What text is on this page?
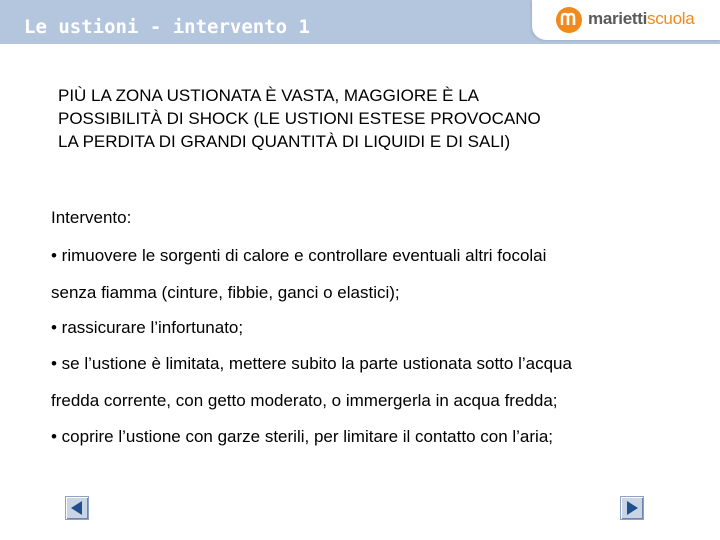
Le ustioni - intervento 1	mariettiscuola
PIÙ LA ZONA USTIONATA È VASTA, MAGGIORE È LA
POSSIBILITÀ DI SHOCK (LE USTIONI ESTESE PROVOCANO
LA PERDITA DI GRANDI QUANTITÀ DI LIQUIDI E DI SALI)
Intervento:
• rimuovere le sorgenti di calore e controllare eventuali altri focolai
senza fiamma (cinture, fibbie, ganci o elastici);
• rassicurare l’infortunato;
• se l’ustione è limitata, mettere subito la parte ustionata sotto l’acqua
fredda corrente, con getto moderato, o immergerla in acqua fredda;
• coprire l’ustione con garze sterili, per limitare il contatto con l’aria;
